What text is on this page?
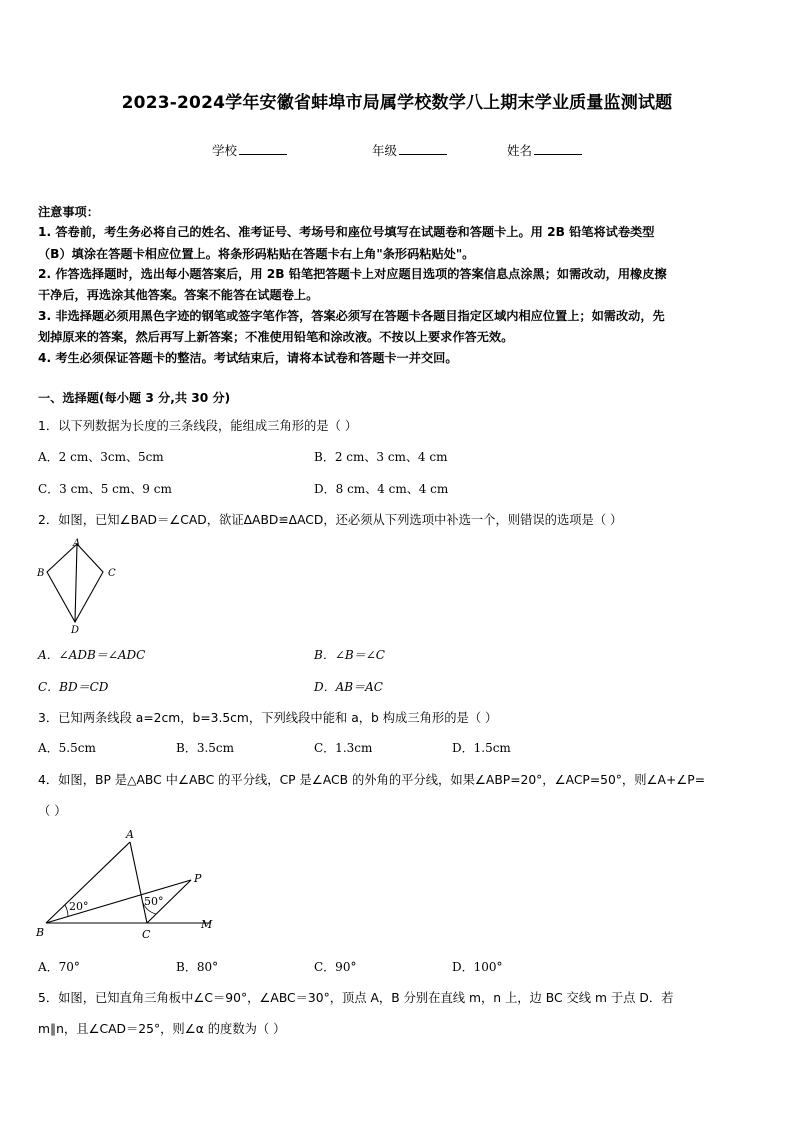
2023-2024学年安徽省蚌埠市局属学校数学八上期末学业质量监测试题
学校	年级	姓名
注意事项：
1. 答卷前，考生务必将自己的姓名、准考证号、考场号和座位号填写在试题卷和答题卡上。用 2B 铅笔将试卷类型
（B）填涂在答题卡相应位置上。将条形码粘贴在答题卡右上角"条形码粘贴处"。
2. 作答选择题时，选出每小题答案后，用 2B 铅笔把答题卡上对应题目选项的答案信息点涂黑；如需改动，用橡皮擦
干净后，再选涂其他答案。答案不能答在试题卷上。
3. 非选择题必须用黑色字迹的钢笔或签字笔作答，答案必须写在答题卡各题目指定区域内相应位置上；如需改动，先
划掉原来的答案，然后再写上新答案；不准使用铅笔和涂改液。不按以上要求作答无效。
4. 考生必须保证答题卡的整洁。考试结束后，请将本试卷和答题卡一并交回。
一、选择题(每小题 3 分,共 30 分)
1．以下列数据为长度的三条线段，能组成三角形的是（ ）
A．2 cm、3cm、5cm	B．2 cm、3 cm、4 cm
C．3 cm、5 cm、9 cm	D．8 cm、4 cm、4 cm
2．如图，已知∠BAD＝∠CAD，欲证ΔABD≌ΔACD，还必须从下列选项中补选一个，则错误的选项是（ ）
A
B	C
D
A．∠ADB＝∠ADC	B．∠B＝∠C
C．BD＝CD	D．AB＝AC
3．已知两条线段 a=2cm，b=3.5cm，下列线段中能和 a，b 构成三角形的是（ ）
A．5.5cm	B．3.5cm	C．1.3cm	D．1.5cm
4．如图，BP 是△ABC 中∠ABC 的平分线，CP 是∠ACB 的外角的平分线，如果∠ABP=20°，∠ACP=50°，则∠A+∠P=
（ ）
A
B	C
P
M
20°	50°
A．70°	B．80°	C．90°	D．100°
5．如图，已知直角三角板中∠C＝90°，∠ABC＝30°，顶点 A，B 分别在直线 m，n 上，边 BC 交线 m 于点 D．若
m∥n，且∠CAD＝25°，则∠α 的度数为（ ）
